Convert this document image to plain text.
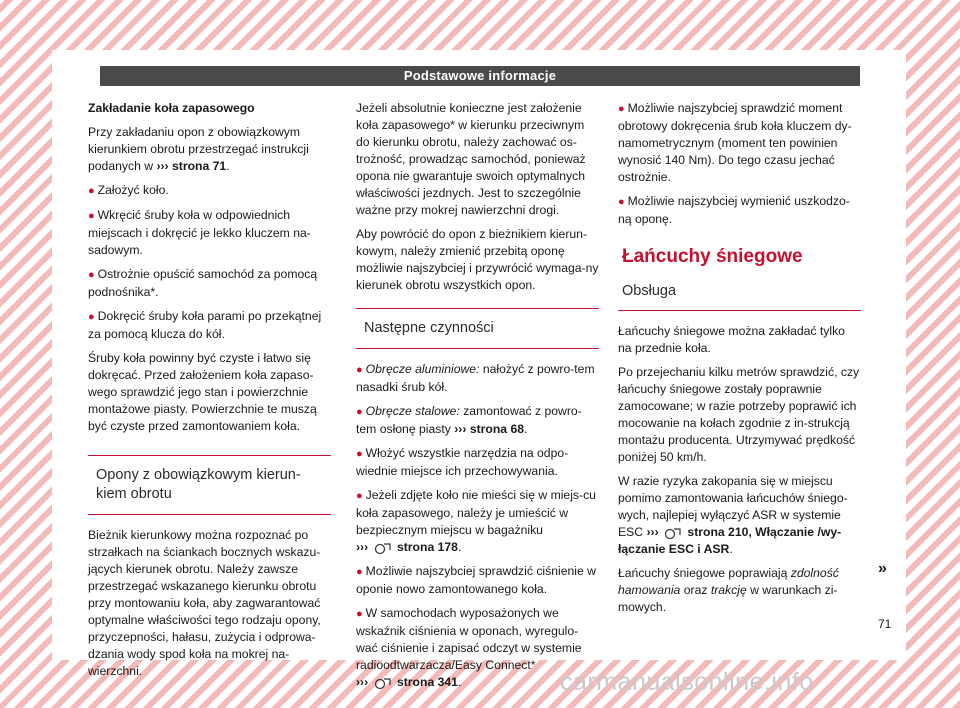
Podstawowe informacje

Zakładanie koła zapasowego

Przy zakładaniu opon z obowiązkowym kierunkiem obrotu przestrzegać instrukcji podanych w ››› strona 71.

● Założyć koło.

● Wkręcić śruby koła w odpowiednich miejscach i dokręcić je lekko kluczem na-sadowym.

● Ostrożnie opuścić samochód za pomocą podnośnika*.

● Dokręcić śruby koła parami po przekątnej za pomocą klucza do kół.

Śruby koła powinny być czyste i łatwo się dokręcać. Przed założeniem koła zapaso-wego sprawdzić jego stan i powierzchnie montażowe piasty. Powierzchnie te muszą być czyste przed zamontowaniem koła.

Opony z obowiązkowym kierun-kiem obrotu

Bieżnik kierunkowy można rozpoznać po strzałkach na ściankach bocznych wskazu-jących kierunek obrotu. Należy zawsze przestrzegać wskazanego kierunku obrotu przy montowaniu koła, aby zagwarantować optymalne właściwości tego rodzaju opony, przyczepności, hałasu, zużycia i odprowa-dzania wody spod koła na mokrej na-wierzchni.

Jeżeli absolutnie konieczne jest założenie koła zapasowego* w kierunku przeciwnym do kierunku obrotu, należy zachować os-trożność, prowadząc samochód, ponieważ opona nie gwarantuje swoich optymalnych właściwości jezdnych. Jest to szczególnie ważne przy mokrej nawierzchni drogi.

Aby powrócić do opon z bieżnikiem kierun-kowym, należy zmienić przebitą oponę możliwie najszybciej i przywrócić wymaga-ny kierunek obrotu wszystkich opon.

Następne czynności

● Obręcze aluminiowe: nałożyć z powro-tem nasadki śrub kół.

● Obręcze stalowe: zamontować z powro-tem osłonę piasty ››› strona 68.

● Włożyć wszystkie narzędzia na odpo-wiednie miejsce ich przechowywania.

● Jeżeli zdjęte koło nie mieści się w miejs-cu koła zapasowego, należy je umieścić w bezpiecznym miejscu w bagażniku
››› strona 178.

● Możliwie najszybciej sprawdzić ciśnienie w oponie nowo zamontowanego koła.

● W samochodach wyposażonych we wskaźnik ciśnienia w oponach, wyregulo-wać ciśnienie i zapisać odczyt w systemie radioodtwarzacza/Easy Connect*
››› strona 341.

● Możliwie najszybciej sprawdzić moment obrotowy dokręcenia śrub koła kluczem dy-namometrycznym (moment ten powinien wynosić 140 Nm). Do tego czasu jechać ostrożnie.

● Możliwie najszybciej wymienić uszkodzo-ną oponę.

Łańcuchy śniegowe
Obsługa

Łańcuchy śniegowe można zakładać tylko na przednie koła.

Po przejechaniu kilku metrów sprawdzić, czy łańcuchy śniegowe zostały poprawnie zamocowane; w razie potrzeby poprawić ich mocowanie na kołach zgodnie z in-strukcją montażu producenta. Utrzymywać prędkość poniżej 50 km/h.

W razie ryzyka zakopania się w miejscu pomimo zamontowania łańcuchów śniego-wych, najlepiej wyłączyć ASR w systemie ESC ››› strona 210, Włączanie /wy-łączanie ESC i ASR.

Łańcuchy śniegowe poprawiają zdolność hamowania oraz trakcję w warunkach zi-mowych.

»
71
carmanualsonline.info
